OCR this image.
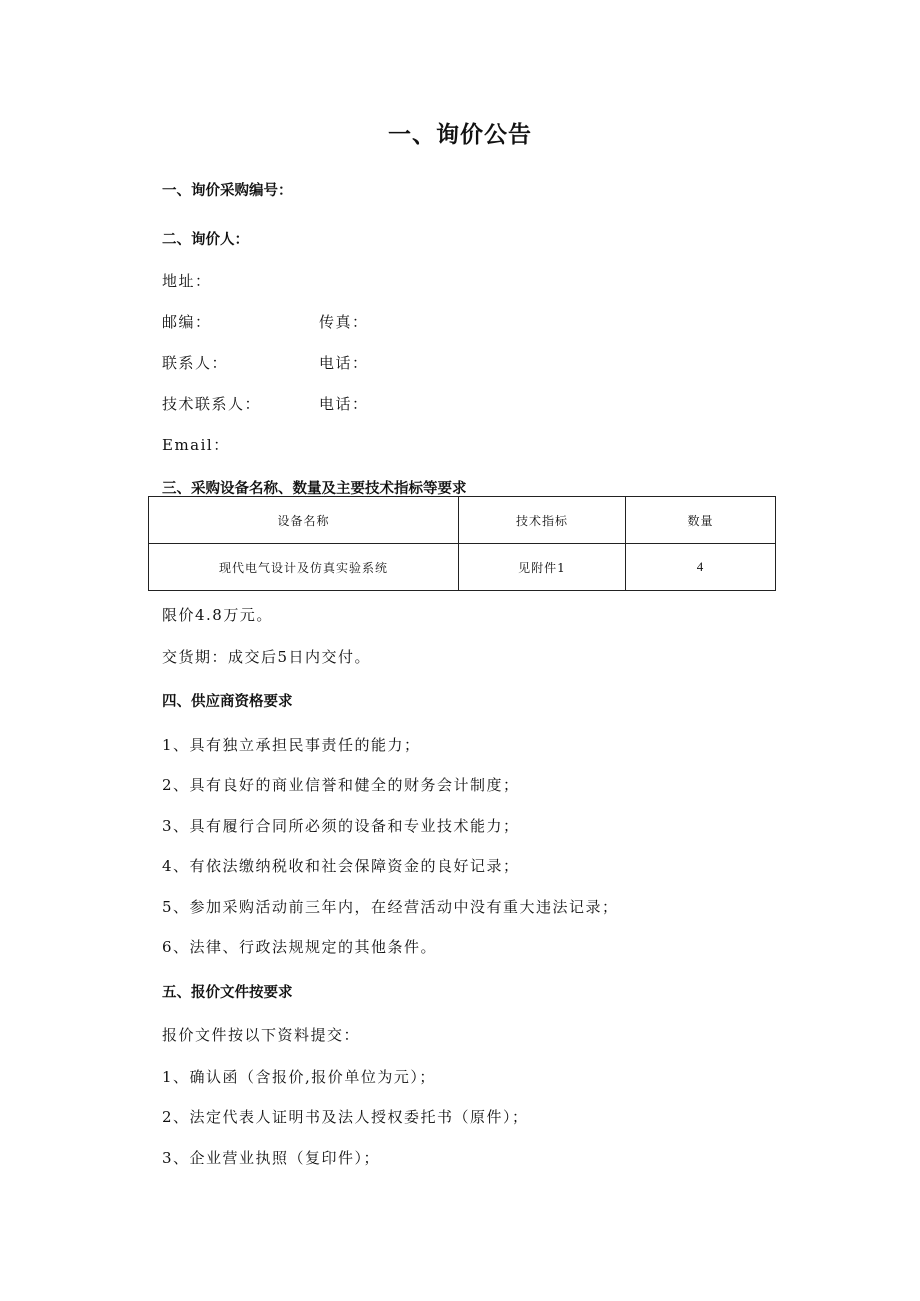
一、询价公告
一、询价采购编号：
二、询价人：
地址：
邮编：	传真：
联系人：	电话：
技术联系人：	电话：
Email：
三、采购设备名称、数量及主要技术指标等要求
设备名称	技术指标	数量
现代电气设计及仿真实验系统	见附件1	4
限价4.8万元。
交货期：成交后5日内交付。
四、供应商资格要求
1、具有独立承担民事责任的能力；
2、具有良好的商业信誉和健全的财务会计制度；
3、具有履行合同所必须的设备和专业技术能力；
4、有依法缴纳税收和社会保障资金的良好记录；
5、参加采购活动前三年内，在经营活动中没有重大违法记录；
6、法律、行政法规规定的其他条件。
五、报价文件按要求
报价文件按以下资料提交：
1、确认函（含报价,报价单位为元）；
2、法定代表人证明书及法人授权委托书（原件）；
3、企业营业执照（复印件）；
